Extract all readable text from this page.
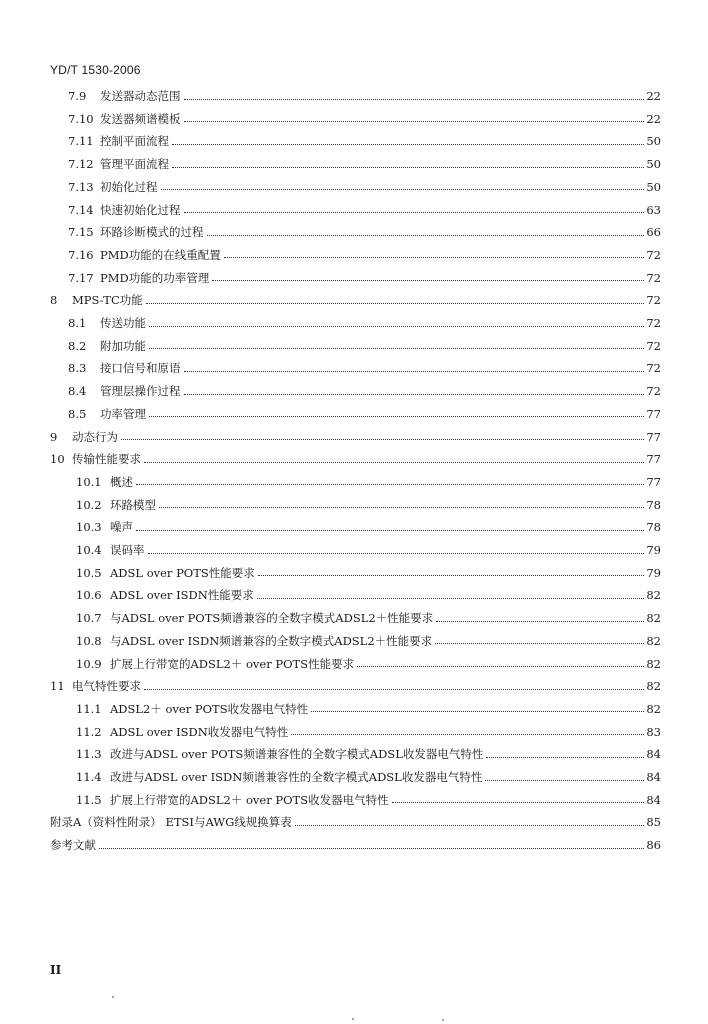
YD/T 1530-2006
7.9	发送器动态范围	22
7.10 发送器频谱模板	22
7.11 控制平面流程	50
7.12 管理平面流程	50
7.13 初始化过程	50
7.14 快速初始化过程	63
7.15 环路诊断模式的过程	66
7.16 PMD功能的在线重配置	72
7.17 PMD功能的功率管理	72
8	MPS-TC功能	72
8.1	传送功能	72
8.2	附加功能	72
8.3	接口信号和原语	72
8.4	管理层操作过程	72
8.5	功率管理	77
9	动态行为	77
10 传输性能要求	77
10.1 概述	77
10.2 环路模型	78
10.3 噪声	78
10.4 误码率	79
10.5 ADSL over POTS性能要求	79
10.6 ADSL over ISDN性能要求	82
10.7 与ADSL over POTS频谱兼容的全数字模式ADSL2＋性能要求	82
10.8 与ADSL over ISDN频谱兼容的全数字模式ADSL2＋性能要求	82
10.9 扩展上行带宽的ADSL2＋ over POTS性能要求	82
11 电气特性要求	82
11.1 ADSL2＋ over POTS收发器电气特性	82
11.2 ADSL over ISDN收发器电气特性	83
11.3 改进与ADSL over POTS频谱兼容性的全数字模式ADSL收发器电气特性	84
11.4 改进与ADSL over ISDN频谱兼容性的全数字模式ADSL收发器电气特性	84
11.5 扩展上行带宽的ADSL2＋ over POTS收发器电气特性	84
附录A（资料性附录） ETSI与AWG线规换算表	85
参考文献	86
II
